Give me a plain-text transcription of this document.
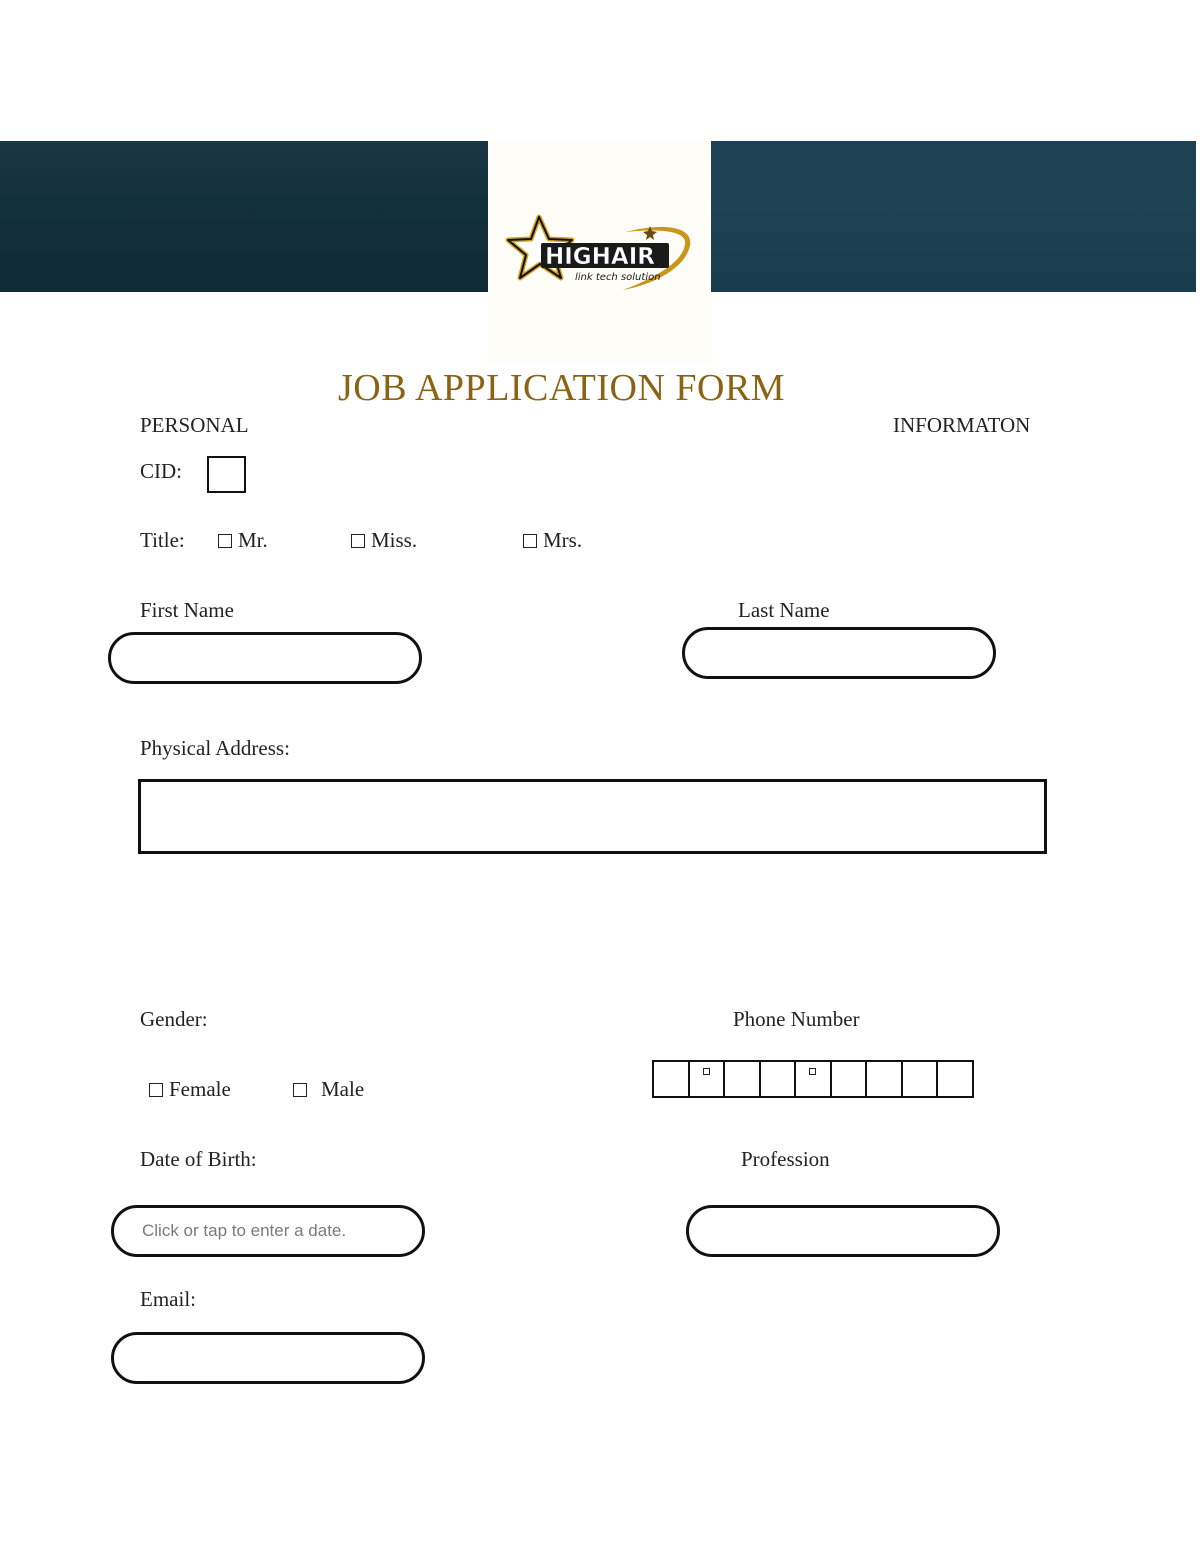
HIGHAIR
link tech solution
JOB APPLICATION FORM
PERSONAL	INFORMATON
CID:
Title:	Mr.	Miss.	Mrs.
First Name	Last Name
Physical Address:
Gender:
Female	Male
Phone Number
Date of Birth:
Click or tap to enter a date.
Profession
Email:
